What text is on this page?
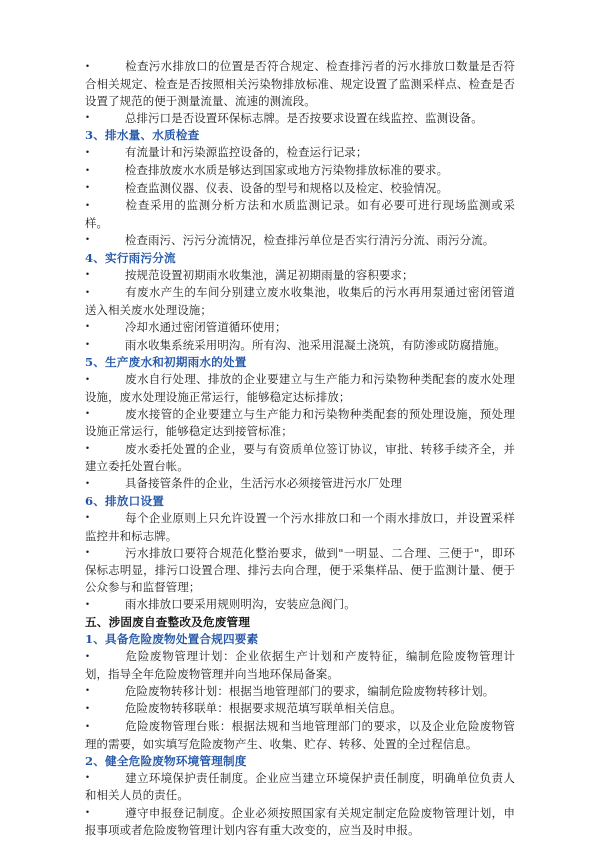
•	检查污水排放口的位置是否符合规定、检查排污者的污水排放口数量是否符合相关规定、检查是否按照相关污染物排放标准、规定设置了监测采样点、检查是否设置了规范的便于测量流量、流速的测流段。

•	总排污口是否设置环保标志牌。是否按要求设置在线监控、监测设备。

3、排水量、水质检查

•	有流量计和污染源监控设备的，检查运行记录；

•	检查排放废水水质是够达到国家或地方污染物排放标准的要求。

•	检查监测仪器、仪表、设备的型号和规格以及检定、校验情况。

•	检查采用的监测分析方法和水质监测记录。如有必要可进行现场监测或采样。

•	检查雨污、污污分流情况，检查排污单位是否实行清污分流、雨污分流。

4、实行雨污分流

•	按规范设置初期雨水收集池，满足初期雨量的容积要求；

•	有废水产生的车间分别建立废水收集池，收集后的污水再用泵通过密闭管道送入相关废水处理设施；

•	冷却水通过密闭管道循环使用；

•	雨水收集系统采用明沟。所有沟、池采用混凝土浇筑，有防渗或防腐措施。

5、生产废水和初期雨水的处置

•	废水自行处理、排放的企业要建立与生产能力和污染物种类配套的废水处理设施，废水处理设施正常运行，能够稳定达标排放；

•	废水接管的企业要建立与生产能力和污染物种类配套的预处理设施，预处理设施正常运行，能够稳定达到接管标准；

•	废水委托处置的企业，要与有资质单位签订协议，审批、转移手续齐全，并建立委托处置台帐。

•	具备接管条件的企业，生活污水必须接管进污水厂处理

6、排放口设置

•	每个企业原则上只允许设置一个污水排放口和一个雨水排放口，并设置采样监控井和标志牌。

•	污水排放口要符合规范化整治要求，做到"一明显、二合理、三便于"，即环保标志明显，排污口设置合理、排污去向合理，便于采集样品、便于监测计量、便于公众参与和监督管理；

•	雨水排放口要采用规则明沟，安装应急阀门。

五、涉固废自查整改及危废管理

1、具备危险废物处置合规四要素

•	危险废物管理计划：企业依据生产计划和产废特征，编制危险废物管理计划，指导全年危险废物管理并向当地环保局备案。

•	危险废物转移计划：根据当地管理部门的要求，编制危险废物转移计划。

•	危险废物转移联单：根据要求规范填写联单相关信息。

•	危险废物管理台账：根据法规和当地管理部门的要求，以及企业危险废物管理的需要，如实填写危险废物产生、收集、贮存、转移、处置的全过程信息。

2、健全危险废物环境管理制度

•	建立环境保护责任制度。企业应当建立环境保护责任制度，明确单位负责人和相关人员的责任。

•	遵守申报登记制度。企业必须按照国家有关规定制定危险废物管理计划，申报事项或者危险废物管理计划内容有重大改变的，应当及时申报。
